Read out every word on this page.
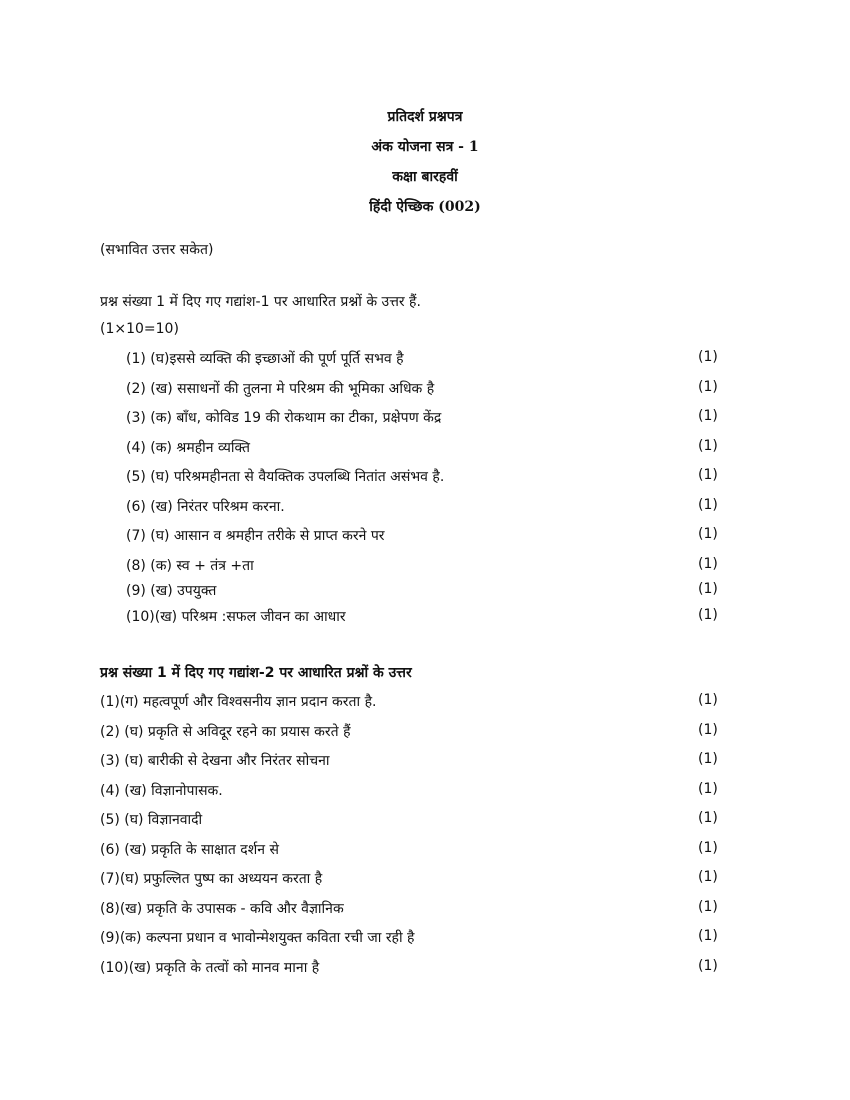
प्रतिदर्श प्रश्नपत्र
अंक योजना सत्र - 1
कक्षा बारहवीं
हिंदी ऐच्छिक (002)
(सभावित उत्तर सकेत)
प्रश्न संख्या 1 में दिए गए गद्यांश-1 पर आधारित प्रश्नों के उत्तर हैं.
(1×10=10)
(1) (घ)इससे व्यक्ति की इच्छाओं की पूर्ण पूर्ति सभव है	(1)
(2) (ख) ससाधनों की तुलना मे परिश्रम की भूमिका अधिक है	(1)
(3) (क) बाँध, कोविड 19 की रोकथाम का टीका, प्रक्षेपण केंद्र	(1)
(4) (क) श्रमहीन व्यक्ति	(1)
(5) (घ) परिश्रमहीनता से वैयक्तिक उपलब्धि नितांत असंभव है.	(1)
(6) (ख) निरंतर परिश्रम करना.	(1)
(7) (घ) आसान व श्रमहीन तरीके से प्राप्त करने पर	(1)
(8) (क) स्व + तंत्र +ता	(1)
(9) (ख) उपयुक्त	(1)
(10)(ख) परिश्रम :सफल जीवन का आधार	(1)
प्रश्न संख्या 1 में दिए गए गद्यांश-2 पर आधारित प्रश्नों के उत्तर
(1)(ग) महत्वपूर्ण और विश्वसनीय ज्ञान प्रदान करता है.	(1)
(2) (घ) प्रकृति से अविदूर रहने का प्रयास करते हैं	(1)
(3) (घ) बारीकी से देखना और निरंतर सोचना	(1)
(4) (ख) विज्ञानोपासक.	(1)
(5) (घ) विज्ञानवादी	(1)
(6) (ख) प्रकृति के साक्षात दर्शन से	(1)
(7)(घ) प्रफुल्लित पुष्प का अध्ययन करता है	(1)
(8)(ख) प्रकृति के उपासक - कवि और वैज्ञानिक	(1)
(9)(क) कल्पना प्रधान व भावोन्मेशयुक्त कविता रची जा रही है	(1)
(10)(ख) प्रकृति के तत्वों को मानव माना है	(1)
